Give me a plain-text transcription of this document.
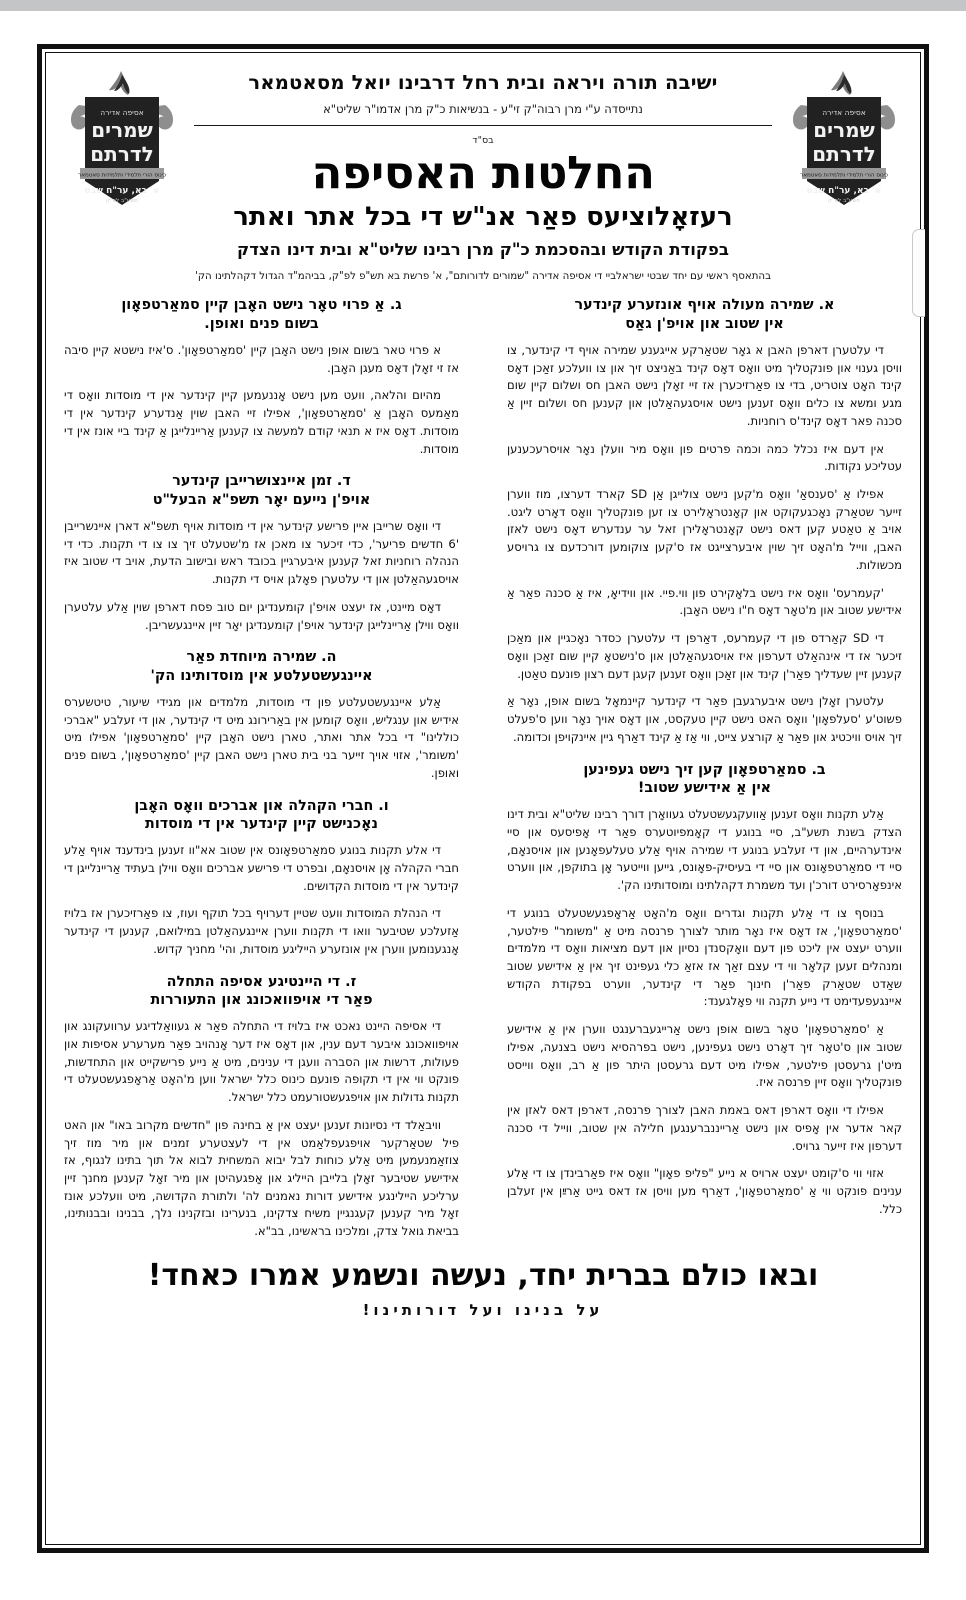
אסיפה אדירה
שמרים
לדרתם
כינוס הורי תלמידי ותלמידות סאטמאר
א' בא, ער"ח שבט
תשע"ב לפ"ק
ישיבה תורה ויראה ובית רחל דרבינו יואל מסאטמאר
נתייסדה ע"י מרן רבוה"ק זי"ע - בנשיאות כ"ק מרן אדמו"ר שליט"א
בס"ד
החלטות האסיפה
רעזאָלוציעס פאַר אנ"ש די בכל אתר ואתר
בפקודת הקודש ובהסכמת כ"ק מרן רבינו שליט"א ובית דינו הצדק
בהתאסף ראשי עם יחד שבטי ישראלביי די אסיפה אדירה "שמורים לדורותם", א' פרשת בא תש"פ לפ"ק, בביהמ"ד הגדול דקהלתינו הק'
אסיפה אדירה
שמרים
לדרתם
כינוס הורי תלמידי ותלמידות סאטמאר
א' בא, ער"ח שבט
תשע"ב לפ"ק
א. שמירה מעולה אויף אונזערע קינדער
אין שטוב און אויפ'ן גאַס

די עלטערן דארפן האבן א גאָר שטאַרקע אייגענע שמירה אויף די קינדער, צו וויסן גענוי און פונקטליך מיט וואָס דאָס קינד באַניצט זיך און צו וועלכע זאַכן דאָס קינד האָט צוטריט, בדי צו פאַרזיכערן אז זיי זאָלן נישט האבן חס ושלום קיין שום מגע ומשא צו כלים וואָס זענען נישט אויסגעהאַלטן און קענען חס ושלום זיין אַ סכנה פאר דאָס קינד'ס רוחניות.

אין דעם איז נכלל כמה וכמה פרטים פון וואָס מיר וועלן נאָר אויסרעכענען עטליכע נקודות.

אפילו אַ 'סענסאַ' וואָס מ'קען נישט צולייגן אַן SD קארד דערצו, מוז ווערן זייער שטאַרק נאָכגעקוקט און קאָנטראָלירט צו זען פונקטליך וואָס דאָרט ליגט. אויב אַ טאַטע קען דאס נישט קאָנטראָלירן זאל ער ענדערש דאָס נישט לאזן האבן, ווייל מ'האָט זיך שוין איבערצייגט אז ס'קען צוקומען דורכדעם צו גרויסע מכשולות.

'קעמרעס' וואָס איז נישט בלאָקירט פון ווי.פיי. און ווידיאָ, איז אַ סכנה פאַר אַ אידישע שטוב און מ'טאָר דאָס ח"ו נישט האָבן.

די SD קאַרדס פון די קעמרעס, דאַרפן די עלטערן כסדר נאָכגיין און מאַכן זיכער אז די אינהאַלט דערפון איז אויסגעהאַלטן און ס'נישטאָ קיין שום זאַכן וואָס קענען זיין שעדליך פאַר'ן קינד און זאַכן וואָס זענען קעגן דעם רצון פונעם טאַטן.

עלטערן זאָלן נישט איבערגעבן פאַר די קינדער קיינמאָל בשום אופן, נאָר אַ פשוט'ע 'סעלפאָון' וואָס האט נישט קיין טעקסט, און דאָס אויך נאָר ווען ס'פעלט זיך אויס וויכטיג און פאַר אַ קורצע צייט, ווי אַז אַ קינד דאַרף גיין איינקויפן וכדומה.

ב. סמאַרטפאָון קען זיך נישט געפינען
אין אַ אידישע שטוב!

אַלע תקנות וואָס זענען אַוועקגעשטעלט געוואָרן דורך רבינו שליט"א ובית דינו הצדק בשנת תשע"ב, סיי בנוגע די קאָמפיוטערס פאַר די אָפיסעס און סיי אינדערהיים, און די זעלבע בנוגע די שמירה אויף אַלע טעלעפאָנען און אויסנאָם, סיי די סמאַרטפאָונס און סיי די בעיסיק-פאָונס, גייען ווייטער אָן בתוקפן, און ווערט אינפאָרסירט דורכ'ן ועד משמרת דקהלתינו ומוסדותינו הק'.

בנוסף צו די אַלע תקנות וגדרים וואָס מ'האָט אַראָפגעשטעלט בנוגע די 'סמאַרטפאָון', אז דאָס איז נאָר מותר לצורך פרנסה מיט אַ "משומר" פילטער, ווערט יעצט אין ליכט פון דעם וואָקסנדן נסיון און דעם מציאות וואָס די מלמדים ומנהלים זעען קלאָר ווי די עצם זאַך אז אזאַ כלי געפינט זיך אין אַ אידישע שטוב שאַדט שטאַרק פאַר'ן חינוך פאַר די קינדער, ווערט בפקודת הקודש איינגעפעדימט די נייע תקנה ווי פאָלגענד:

אַ 'סמאַרטפאָון' טאָר בשום אופן נישט אַרייגעברענגט ווערן אין אַ אידישע שטוב און ס'טאָר זיך דאָרט נישט געפינען, נישט בפרהסיא נישט בצנעה, אפילו מיט'ן גרעסטן פילטער, אפילו מיט דעם גרעסטן היתר פון אַ רב, וואָס ווייסט פונקטליך וואָס זיין פרנסה איז.

אפילו די וואָס דארפן דאס באמת האבן לצורך פרנסה, דארפן דאס לאזן אין קאר אדער אין אָפיס און נישט אַרייננברענגען חלילה אין שטוב, ווייל די סכנה דערפון איז זייער גרויס.

אזוי ווי ס'קומט יעצט ארויס א נייע "פליפ פאָון" וואָס איז פאַרבינדן צו די אַלע ענינים פונקט ווי אַ 'סמאַרטפאָון', דאַרף מען וויסן אז דאס גייט אַרײַן אין זעלבן כלל.

ג. אַ פרוי טאָר נישט האָבן קיין סמאַרטפאָון
בשום פנים ואופן.

א פרוי טאר בשום אופן נישט האָבן קיין 'סמאַרטפאָון'. ס'איז נישטא קיין סיבה אז זי זאָלן דאָס מעגן האָבן.

מהיום והלאה, וועט מען נישט אָננעמען קיין קינדער אין די מוסדות וואָס די מאַמעס האָבן אַ 'סמאַרטפאָון', אפילו זיי האבן שוין אַנדערע קינדער אין די מוסדות. דאָס איז א תנאי קודם למעשה צו קענען אַריינלייגן אַ קינד ביי אונז אין די מוסדות.

ד. זמן איינצושרייבן קינדער
אויפ'ן נייעם יאָר תשפ"א הבעל"ט

די וואָס שרייבן איין פרישע קינדער אין די מוסדות אויף תשפ"א דארן איינשרייבן '6 חדשים פריער', כדי זיכער צו מאכן אז מ'שטעלט זיך צו צו די תקנות. כדי די הנהלה רוחניות זאל קענען איבערגיין בכובד ראש ובישוב הדעת, אויב די שטוב איז אויסגעהאַלטן און די עלטערן פאָלגן אויס די תקנות.

דאָס מיינט, אז יעצט אויפ'ן קומענדיגן יום טוב פסח דארפן שוין אַלע עלטערן וואָס ווילן אַריינלייגן קינדער אויפ'ן קומענדיגן יאָר זיין איינגעשריבן.

ה. שמירה מיוחדת פאַר
איינגעשטעלטע אין מוסדותינו הק'

אַלע איינגעשטעלטע פון די מוסדות, מלמדים און מגידי שיעור, טיטשערס אידיש און ענגליש, וואָס קומען אין באַרירונג מיט די קינדער, און די זעלבע "אברכי כוללינו" די בכל אתר ואתר, טארן נישט האָבן קיין 'סמאַרטפאָון' אפילו מיט 'משומר', אזוי אויך זייער בני בית טארן נישט האבן קיין 'סמאַרטפאָון', בשום פנים ואופן.

ו. חברי הקהלה און אברכים וואָס האָבן
נאָכנישט קיין קינדער אין די מוסדות

די אלע תקנות בנוגע סמאַרטפאָונס אין שטוב אא"וו זענען בינדענד אויף אַלע חברי הקהלה אָן אויסנאָם, ובפרט די פרישע אברכים וואָס ווילן בעתיד אַריינלייגן די קינדער אין די מוסדות הקדושים.

די הנהלת המוסדות וועט שטיין דערויף בכל תוקף ועוז, צו פאַרזיכערן אז בלויז אַזעלכע שטיבער וואו די תקנות ווערן איינגעהאַלטן במילואם, קענען די קינדער אָנגענומען ווערן אין אונזערע הייליגע מוסדות, והי' מחניך קדוש.

ז. די היינטיגע אסיפה התחלה
פאַר די אויפוואכונג און התעוררות

די אסיפה היינט נאכט איז בלויז די התחלה פאַר א געוואַלדיגע ערוועקונג און אויפוואכונג איבער דעם ענין, און דאָס איז דער אָנהויב פאַר מערערע אסיפות און פעולות, דרשות און הסברה וועגן די ענינים, מיט אַ נייע פרישקייט און התחדשות, פונקט ווי אין די תקופה פונעם כינוס כלל ישראל ווען מ'האָט אַראָפגעשטעלט די תקנות גדולות און אויפגעשטורעמט כלל ישראל.

וויבאַלד די נסיונות זענען יעצט אין אַ בחינה פון "חדשים מקרוב באו" און האט פיל שטאַרקער אויפגעפלאַמט אין די לעצטערע זמנים און מיר מוז זיך צוזאַמנעמען מיט אַלע כוחות לבל יבוא המשחית לבוא אל תוך בתינו לנגוף, אז אידישע שטיבער זאָלן בלייבן הייליג און אָפגעהיטן און מיר זאָל קענען מחנך זיין ערליכע היילינגע אידישע דורות נאמנים לה' ולתורת הקדושה, מיט וועלכע אונז זאָל מיר קענען קעגנגיין משיח צדקינו, בנערינו ובזקנינו נלך, בבנינו ובבנותינו, בביאת גואל צדק, ומלכינו בראשינו, בב"א.

ובאו כולם בברית יחד, נעשה ונשמע אמרו כאחד!
על בנינו ועל דורותינו!
